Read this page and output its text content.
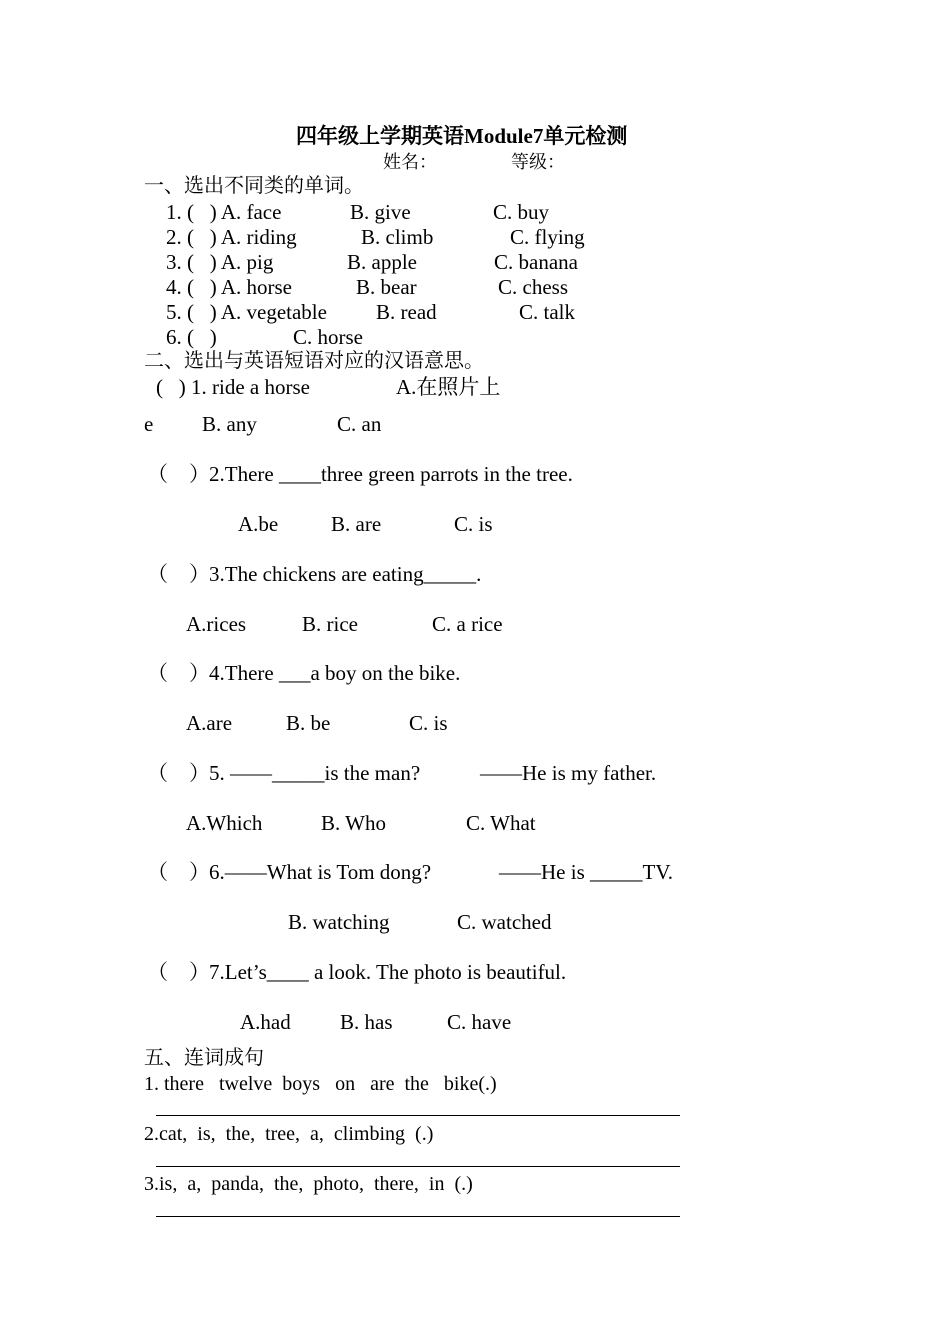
四年级上学期英语Module7单元检测
姓名：	等级：
一、选出不同类的单词。
1. (   ) A. face	B. give	C. buy
2. (   ) A. riding	B. climb	C. flying
3. (   ) A. pig	B. apple	C. banana
4. (   ) A. horse	B. bear	C. chess
5. (   ) A. vegetable B. read	C. talk
6. (   )	C. horse
二、选出与英语短语对应的汉语意思。
(   ) 1. ride a horse	A.在照片上
e B. any	C. an
（    ） 2.There ____three green parrots in the tree.
A.be	B. are	C. is
（    ） 3.The chickens are eating_____.
A.rices	B. rice	C. a rice
（    ） 4.There ___a boy on the bike.
A.are	B. be	C. is
（    ） 5. ——_____is the man?	——He is my father.
A.Which	B. Who	C. What
（    ） 6.——What is Tom dong?	——He is _____TV.
B. watching	C. watched
（    ） 7.Let’s____ a look. The photo is beautiful.
A.had B. has	C. have
五、连词成句
1. there   twelve  boys   on   are  the   bike(.)
2.cat,  is,  the,  tree,  a,  climbing  (.)
3.is,  a,  panda,  the,  photo,  there,  in  (.)
